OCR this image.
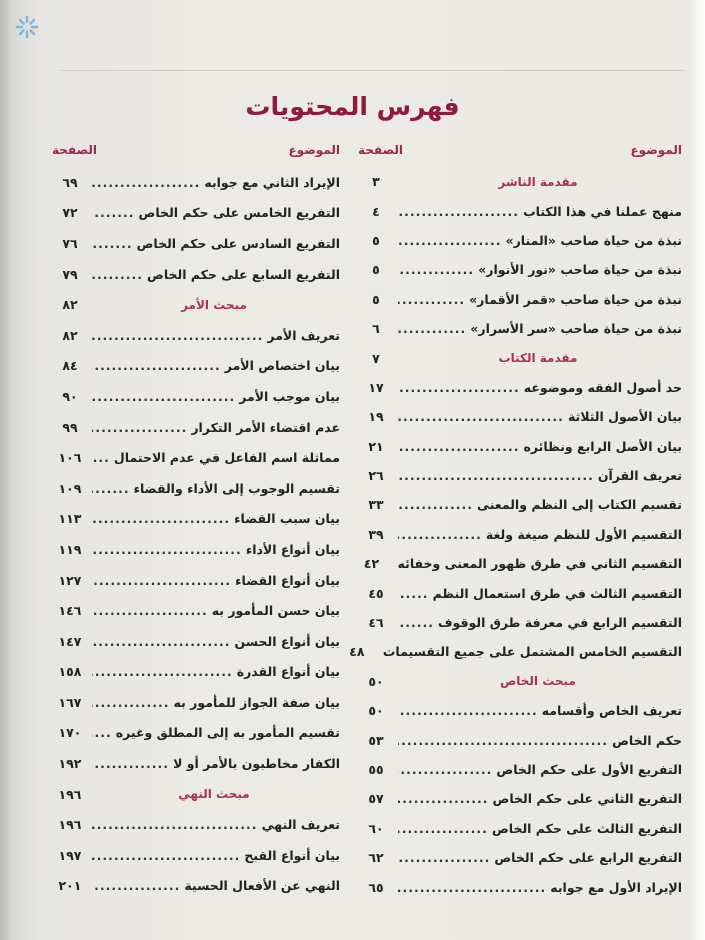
فهرس المحتويات
الموضوع
الصفحة
مقدمة الناشر
٣
منهج عملنا في هذا الكتاب
.....
٤
نبذة من حياة صاحب «المنار»
.....
٥
نبذة من حياة صاحب «نور الأنوار»
.....
٥
نبذة من حياة صاحب «قمر الأقمار»
.....
٥
نبذة من حياة صاحب «سر الأسرار»
.....
٦
مقدمة الكتاب
٧
حد أصول الفقه وموضوعه
.....
١٧
بيان الأصول الثلاثة
.....
١٩
بيان الأصل الرابع ونظائره
.....
٢١
تعريف القرآن
.....
٢٦
تقسيم الكتاب إلى النظم والمعنى
.....
٣٣
التقسيم الأول للنظم صيغة ولغة
.....
٣٩
التقسيم الثاني في طرق ظهور المعنى وخفائه
٤٢
التقسيم الثالث في طرق استعمال النظم
.....
٤٥
التقسيم الرابع في معرفة طرق الوقوف
.....
٤٦
التقسيم الخامس المشتمل على جميع التقسيمات
٤٨
مبحث الخاص
٥٠
تعريف الخاص وأقسامه
.....
٥٠
حكم الخاص
.....
٥٣
التفريع الأول على حكم الخاص
.....
٥٥
التفريع الثاني على حكم الخاص
.....
٥٧
التفريع الثالث على حكم الخاص
.....
٦٠
التفريع الرابع على حكم الخاص
.....
٦٢
الإيراد الأول مع جوابه
.....
٦٥
الموضوع
الصفحة
الإيراد الثاني مع جوابه
.....
٦٩
التفريع الخامس على حكم الخاص
.....
٧٢
التفريع السادس على حكم الخاص
.....
٧٦
التفريع السابع على حكم الخاص
.....
٧٩
مبحث الأمر
٨٢
تعريف الأمر
.....
٨٢
بيان اختصاص الأمر
.....
٨٤
بيان موجب الأمر
.....
٩٠
عدم اقتضاء الأمر التكرار
.....
٩٩
مماثلة اسم الفاعل في عدم الاحتمال
.....
١٠٦
تقسيم الوجوب إلى الأداء والقضاء
.....
١٠٩
بيان سبب القضاء
.....
١١٣
بيان أنواع الأداء
.....
١١٩
بيان أنواع القضاء
.....
١٢٧
بيان حسن المأمور به
.....
١٤٦
بيان أنواع الحسن
.....
١٤٧
بيان أنواع القدرة
.....
١٥٨
بيان صفة الجواز للمأمور به
.....
١٦٧
تقسيم المأمور به إلى المطلق وغيره
.....
١٧٠
الكفار مخاطبون بالأمر أو لا
.....
١٩٢
مبحث النهي
١٩٦
تعريف النهي
.....
١٩٦
بيان أنواع القبح
.....
١٩٧
النهي عن الأفعال الحسية
.....
٢٠١
